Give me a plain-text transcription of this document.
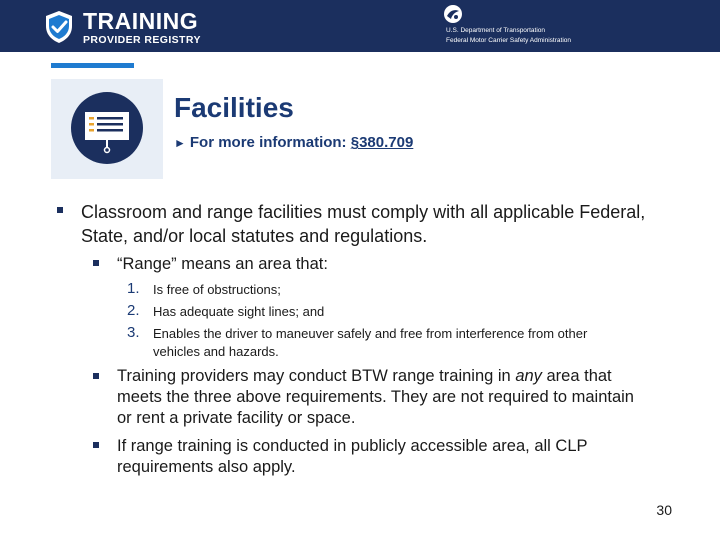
TRAINING
PROVIDER REGISTRY
U.S. Department of Transportation
Federal Motor Carrier Safety Administration
Facilities
► For more information: §380.709
Classroom and range facilities must comply with all applicable Federal, State, and/or local statutes and regulations.
“Range” means an area that:
1. Is free of obstructions;
2. Has adequate sight lines; and
3. Enables the driver to maneuver safely and free from interference from other vehicles and hazards.
Training providers may conduct BTW range training in any area that meets the three above requirements. They are not required to maintain or rent a private facility or space.
If range training is conducted in publicly accessible area, all CLP requirements also apply.
30
